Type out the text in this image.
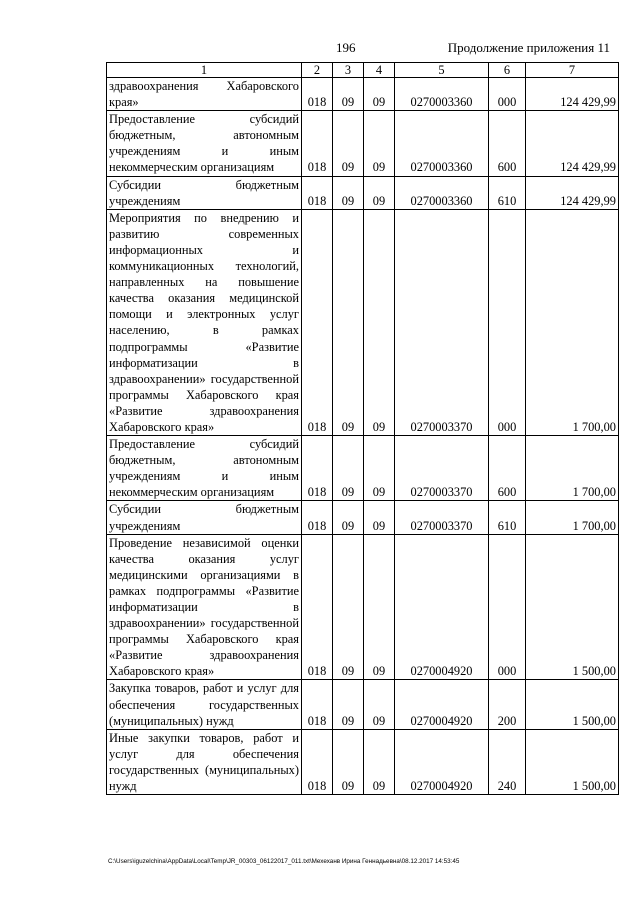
196	Продолжение приложения 11
1	2	3	4	5	6	7
здравоохранения Хабаровского края»	018	09	09	0270003360	000	124 429,99
Предоставление субсидий бюджетным, автономным учреждениям и иным некоммерческим организациям	018	09	09	0270003360	600	124 429,99
Субсидии бюджетным учреждениям	018	09	09	0270003360	610	124 429,99
Мероприятия по внедрению и развитию современных информационных и коммуникационных технологий, направленных на повышение качества оказания медицинской помощи и электронных услуг населению, в рамках подпрограммы «Развитие информатизации в здравоохранении» государственной программы Хабаровского края «Развитие здравоохранения Хабаровского края»	018	09	09	0270003370	000	1 700,00
Предоставление субсидий бюджетным, автономным учреждениям и иным некоммерческим организациям	018	09	09	0270003370	600	1 700,00
Субсидии бюджетным учреждениям	018	09	09	0270003370	610	1 700,00
Проведение независимой оценки качества оказания услуг медицинскими организациями в рамках подпрограммы «Развитие информатизации в здравоохранении» государственной программы Хабаровского края «Развитие здравоохранения Хабаровского края»	018	09	09	0270004920	000	1 500,00
Закупка товаров, работ и услуг для обеспечения государственных (муниципальных) нужд	018	09	09	0270004920	200	1 500,00
Иные закупки товаров, работ и услуг для обеспечения государственных (муниципальных) нужд	018	09	09	0270004920	240	1 500,00
C:\Users\iguzelchina\AppData\Local\Temp\JR_00303_06122017_011.txt\Мехеханв Ирина Геннадьевна\08.12.2017 14:53:45
